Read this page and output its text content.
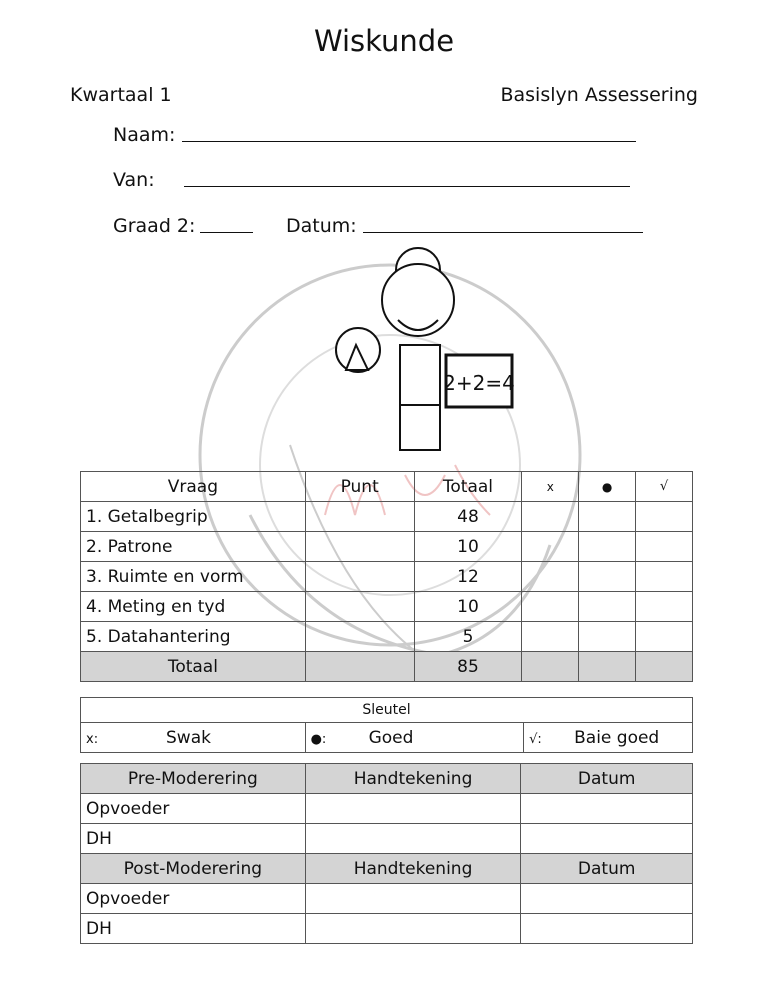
2+2=4
Wiskunde
Kwartaal 1	Basislyn Assessering
Naam:
Van:
Graad 2:	Datum:
Vraag	Punt	Totaal	x	●	√
1. Getalbegrip		48			
2. Patrone		10			
3. Ruimte en vorm		12			
4. Meting en tyd		10			
5. Datahantering		5			
Totaal		85			
Sleutel
x:	Swak	●: Goed	√: Baie goed
Pre-Moderering	Handtekening	Datum
Opvoeder		
DH		
Post-Moderering	Handtekening	Datum
Opvoeder		
DH		
